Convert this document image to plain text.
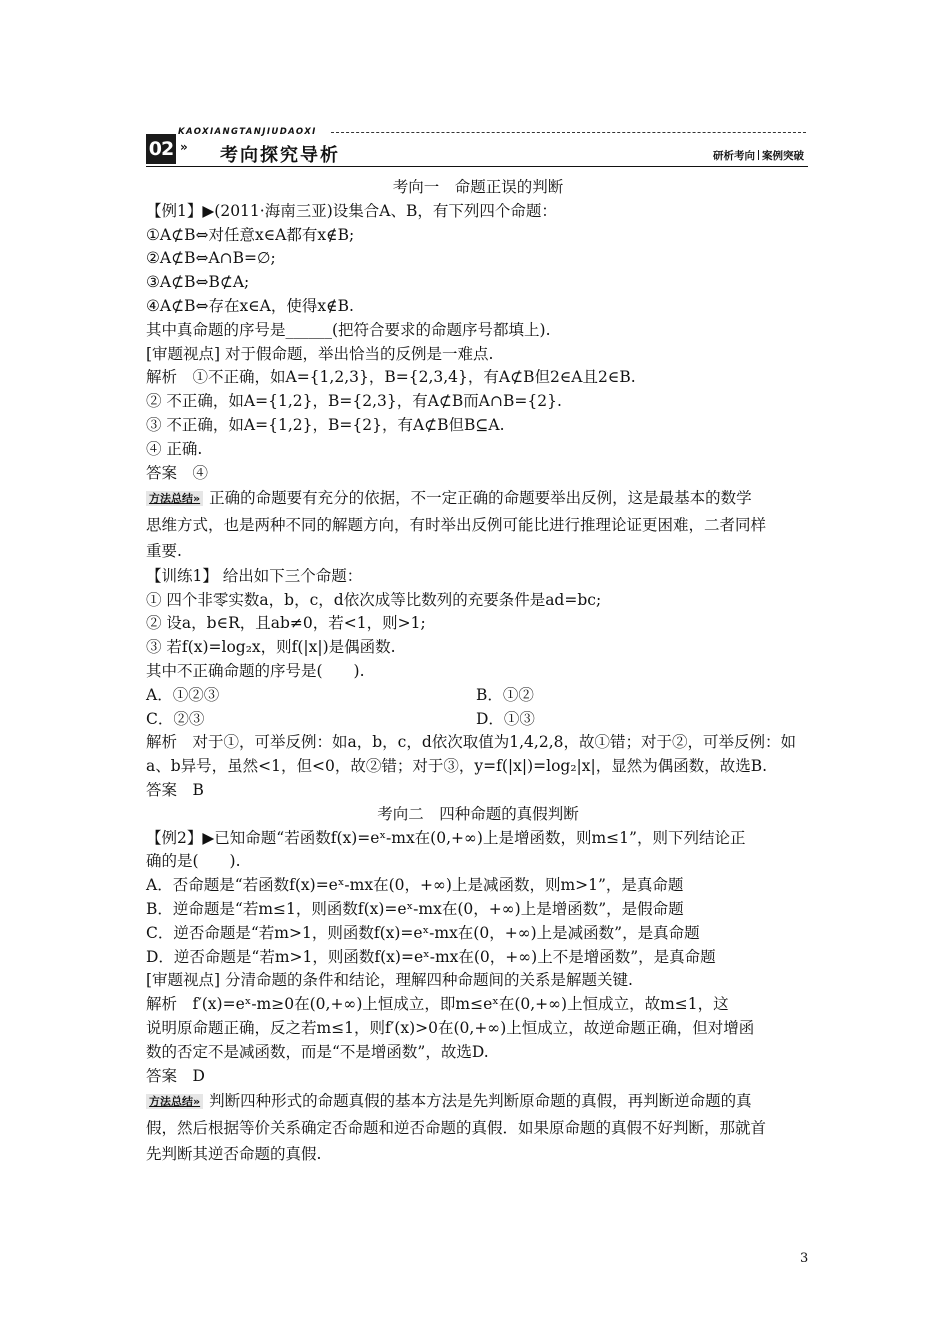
02
KAOXIANGTANJIUDAOXI
» 考向探究导析	研析考向 案例突破
考向一　命题正误的判断
【例1】▶(2011·海南三亚)设集合A、B，有下列四个命题：
①A⊄B⇔对任意x∈A都有x∉B;
②A⊄B⇔A∩B=∅;
③A⊄B⇔B⊄A;
④A⊄B⇔存在x∈A，使得x∉B.
其中真命题的序号是______(把符合要求的命题序号都填上).
[审题视点] 对于假命题，举出恰当的反例是一难点.
解析　①不正确，如A={1,2,3}，B={2,3,4}，有A⊄B但2∈A且2∈B.
② 不正确，如A={1,2}，B={2,3}，有A⊄B而A∩B={2}.
③ 不正确，如A={1,2}，B={2}，有A⊄B但B⊆A.
④ 正确.
答案　④
方法总结» 正确的命题要有充分的依据，不一定正确的命题要举出反例，这是最基本的数学
思维方式，也是两种不同的解题方向，有时举出反例可能比进行推理论证更困难，二者同样
重要.
【训练1】 给出如下三个命题：
① 四个非零实数a，b，c，d依次成等比数列的充要条件是ad=bc;
② 设a，b∈R，且ab≠0，若<1，则>1;
③ 若f(x)=log₂x，则f(|x|)是偶函数.
其中不正确命题的序号是(　　).
A．①②③	B．①②
C．②③	D．①③
解析　对于①，可举反例：如a，b，c，d依次取值为1,4,2,8，故①错；对于②，可举反例：如
a、b异号，虽然<1，但<0，故②错；对于③，y=f(|x|)=log₂|x|，显然为偶函数，故选B.
答案　B
考向二　四种命题的真假判断
【例2】▶已知命题“若函数f(x)=eˣ-mx在(0,+∞)上是增函数，则m≤1”，则下列结论正
确的是(　　).
A．否命题是“若函数f(x)=eˣ-mx在(0，+∞)上是减函数，则m>1”，是真命题
B．逆命题是“若m≤1，则函数f(x)=eˣ-mx在(0，+∞)上是增函数”，是假命题
C．逆否命题是“若m>1，则函数f(x)=eˣ-mx在(0，+∞)上是减函数”，是真命题
D．逆否命题是“若m>1，则函数f(x)=eˣ-mx在(0，+∞)上不是增函数”，是真命题
[审题视点] 分清命题的条件和结论，理解四种命题间的关系是解题关键.
解析　f′(x)=eˣ-m≥0在(0,+∞)上恒成立，即m≤eˣ在(0,+∞)上恒成立，故m≤1，这
说明原命题正确，反之若m≤1，则f′(x)>0在(0,+∞)上恒成立，故逆命题正确，但对增函
数的否定不是减函数，而是“不是增函数”，故选D.
答案　D
方法总结» 判断四种形式的命题真假的基本方法是先判断原命题的真假，再判断逆命题的真
假，然后根据等价关系确定否命题和逆否命题的真假．如果原命题的真假不好判断，那就首
先判断其逆否命题的真假.
3
